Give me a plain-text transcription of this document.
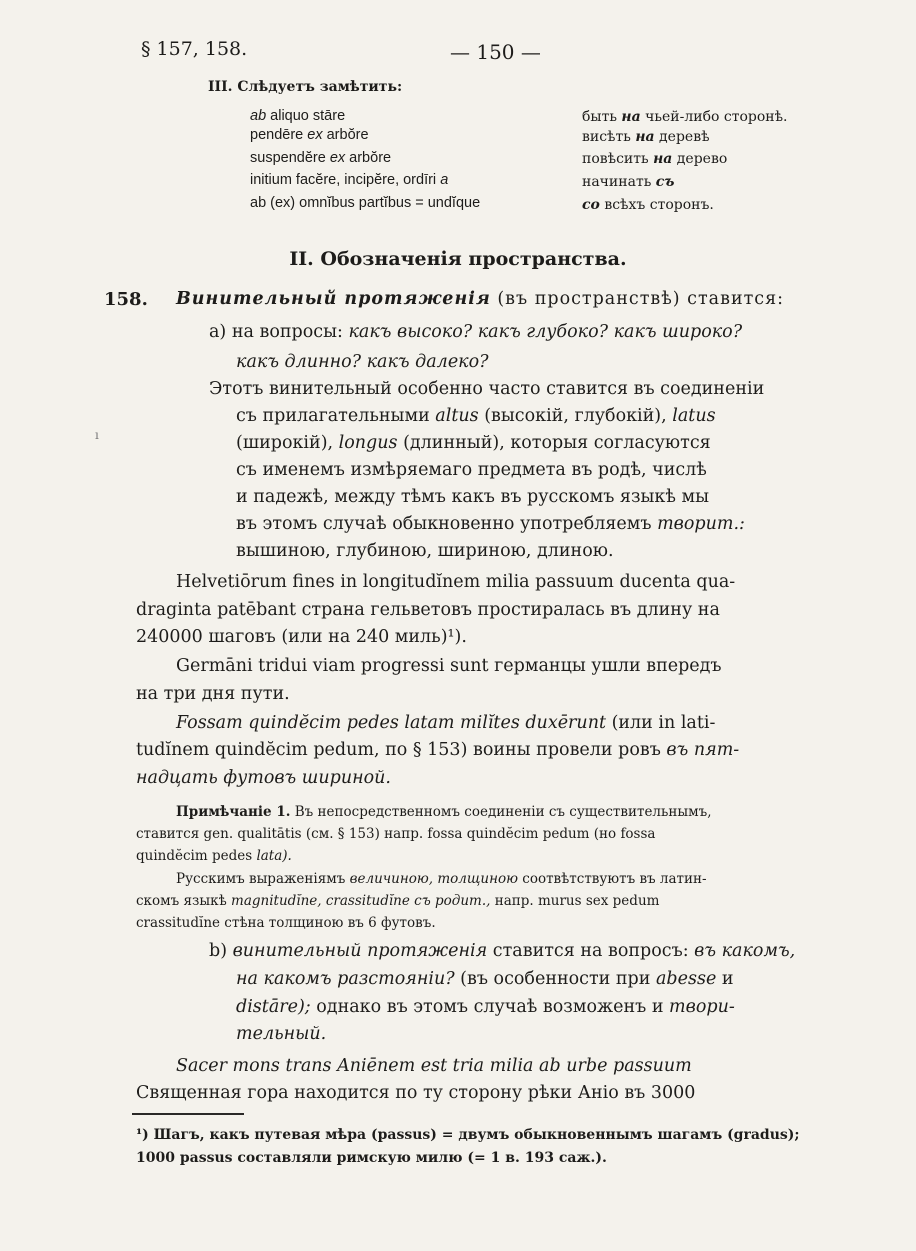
§ 157, 158.	— 150 —
III. Слѣдуетъ замѣтить:
ab aliquo stāre	быть на чьей-либо сторонѣ.
pendēre ex arbŏre	висѣть на деревѣ
suspendĕre ex arbŏre	повѣсить на дерево
initium facĕre, incipĕre, ordīri a	начинать съ
ab (ex) omnĭbus partĭbus = undĭque	со всѣхъ сторонъ.
II. Обозначенія пространства.
158. Винительный протяженія (въ пространствѣ) ставится:
a) на вопросы: какъ высоко? какъ глубоко? какъ широко?
какъ длинно? какъ далеко?
Этотъ винительный особенно часто ставится въ соединеніи
съ прилагательными altus (высокій, глубокій), latus
(широкій), longus (длинный), которыя согласуются
съ именемъ измѣряемаго предмета въ родѣ, числѣ
и падежѣ, между тѣмъ какъ въ русскомъ языкѣ мы
въ этомъ случаѣ обыкновенно употребляемъ твoрит.:
вышиною, глубиною, шириною, длиною.
Helvetiōrum fines in longitudĭnem milia passuum ducenta qua-
draginta patēbant страна гельветовъ простиралась въ длину на
240000 шаговъ (или на 240 миль)¹).
Germāni tridui viam progressi sunt германцы ушли впередъ
на три дня пути.
Fossam quindĕcim pedes latam milĭtes duxērunt (или in lati-
tudĭnem quindĕcim pedum, по § 153) воины провели ровъ въ пят-
надцать футовъ шириной.
Примѣчаніе 1. Въ непосредственномъ соединеніи съ существительнымъ,
ставится gen. qualitātis (см. § 153) напр. fossa quindĕcim pedum (но fossa
quindĕcim pedes lata).
Русскимъ выраженіямъ величиною, толщиною соотвѣтствуютъ въ латин-
скомъ языкѣ magnitudĭne, crassitudĭne съ родит., напр. murus sex pedum
crassitudĭne стѣна толщиною въ 6 футовъ.
b) винительный протяженія ставится на вопросъ: въ какомъ,
на какомъ разстояніи? (въ особенности при abesse и
distāre); однако въ этомъ случаѣ возможенъ и твори-
тельный.
Sacer mons trans Aniēnem est tria milia ab urbe passuum
Священная гора находится по ту сторону рѣки Аніо въ 3000
¹) Шагъ, какъ путевая мѣра (passus) = двумъ обыкновеннымъ шагамъ (gradus);
1000 passus составляли римскую милю (= 1 в. 193 саж.).
ı
